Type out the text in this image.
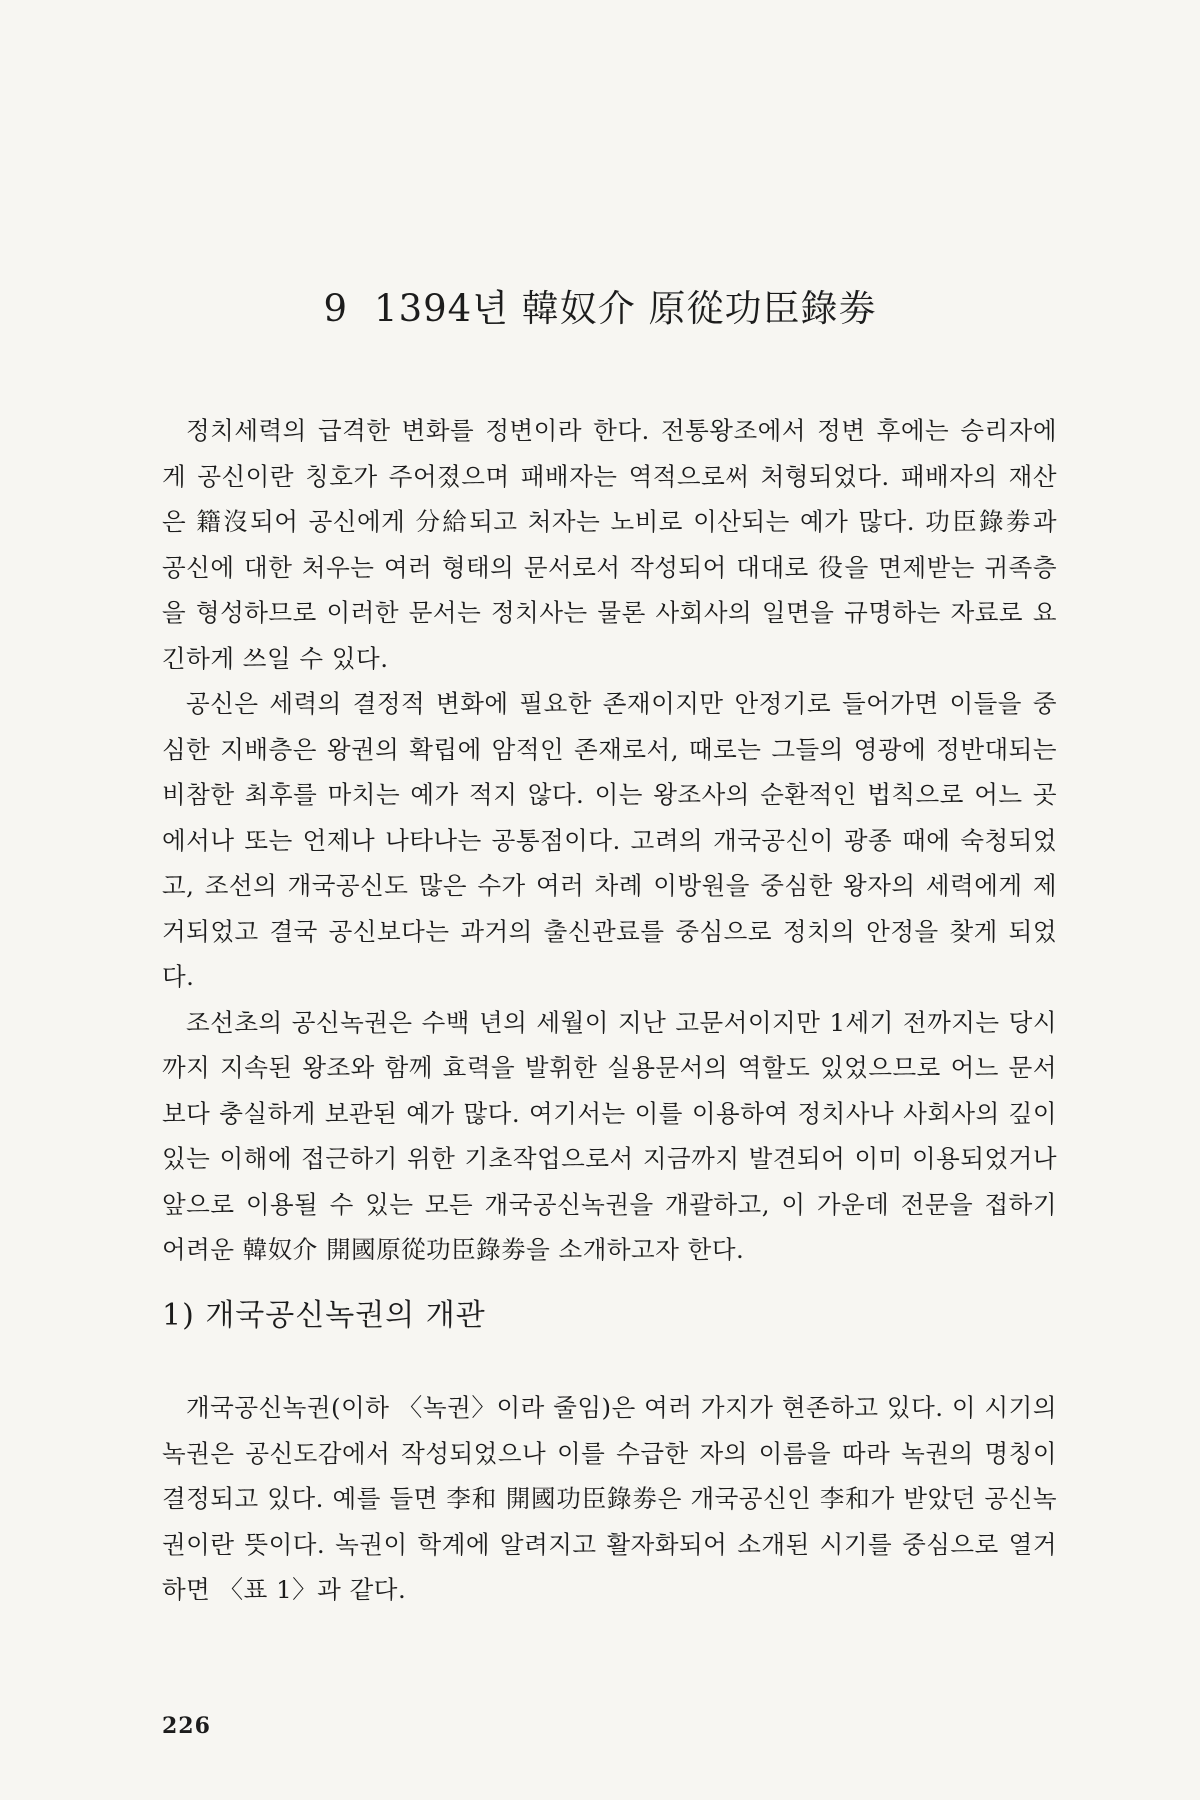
9 1394년 韓奴介 原從功臣錄劵

정치세력의 급격한 변화를 정변이라 한다. 전통왕조에서 정변 후에는 승리자에게 공신이란 칭호가 주어졌으며 패배자는 역적으로써 처형되었다. 패배자의 재산은 籍沒되어 공신에게 分給되고 처자는 노비로 이산되는 예가 많다. 功臣錄劵과 공신에 대한 처우는 여러 형태의 문서로서 작성되어 대대로 役을 면제받는 귀족층을 형성하므로 이러한 문서는 정치사는 물론 사회사의 일면을 규명하는 자료로 요긴하게 쓰일 수 있다.

공신은 세력의 결정적 변화에 필요한 존재이지만 안정기로 들어가면 이들을 중심한 지배층은 왕권의 확립에 암적인 존재로서, 때로는 그들의 영광에 정반대되는 비참한 최후를 마치는 예가 적지 않다. 이는 왕조사의 순환적인 법칙으로 어느 곳에서나 또는 언제나 나타나는 공통점이다. 고려의 개국공신이 광종 때에 숙청되었고, 조선의 개국공신도 많은 수가 여러 차례 이방원을 중심한 왕자의 세력에게 제거되었고 결국 공신보다는 과거의 출신관료를 중심으로 정치의 안정을 찾게 되었다.

조선초의 공신녹권은 수백 년의 세월이 지난 고문서이지만 1세기 전까지는 당시까지 지속된 왕조와 함께 효력을 발휘한 실용문서의 역할도 있었으므로 어느 문서보다 충실하게 보관된 예가 많다. 여기서는 이를 이용하여 정치사나 사회사의 깊이 있는 이해에 접근하기 위한 기초작업으로서 지금까지 발견되어 이미 이용되었거나 앞으로 이용될 수 있는 모든 개국공신녹권을 개괄하고, 이 가운데 전문을 접하기 어려운 韓奴介 開國原從功臣錄劵을 소개하고자 한다.

1) 개국공신녹권의 개관

개국공신녹권(이하 〈녹권〉이라 줄임)은 여러 가지가 현존하고 있다. 이 시기의 녹권은 공신도감에서 작성되었으나 이를 수급한 자의 이름을 따라 녹권의 명칭이 결정되고 있다. 예를 들면 李和 開國功臣錄劵은 개국공신인 李和가 받았던 공신녹권이란 뜻이다. 녹권이 학계에 알려지고 활자화되어 소개된 시기를 중심으로 열거하면 〈표 1〉과 같다.

226
